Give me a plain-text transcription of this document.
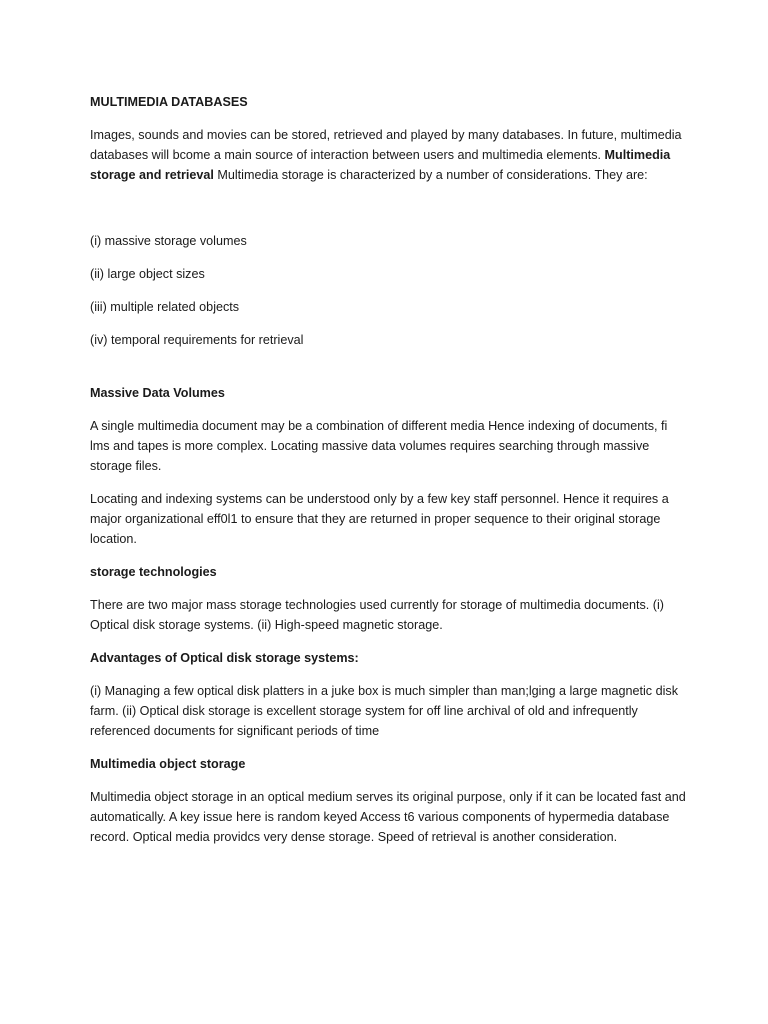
MULTIMEDIA DATABASES

Images, sounds and movies can be stored, retrieved and played by many databases. In future, multimedia databases will bcome a main source of interaction between users and multimedia elements. Multimedia storage and retrieval Multimedia storage is characterized by a number of considerations. They are:

(i) massive storage volumes

(ii) large object sizes

(iii) multiple related objects

(iv) temporal requirements for retrieval

Massive Data Volumes

A single multimedia document may be a combination of different media Hence indexing of documents, fi lms and tapes is more complex. Locating massive data volumes requires searching through massive storage files.

Locating and indexing systems can be understood only by a few key staff personnel. Hence it requires a major organizational eff0l1 to ensure that they are returned in proper sequence to their original storage location.

storage technologies

There are two major mass storage technologies used currently for storage of multimedia documents. (i) Optical disk storage systems. (ii) High-speed magnetic storage.

Advantages of Optical disk storage systems:

(i) Managing a few optical disk platters in a juke box is much simpler than man;lging a large magnetic disk farm. (ii) Optical disk storage is excellent storage system for off line archival of old and infrequently referenced documents for significant periods of time

Multimedia object storage

Multimedia object storage in an optical medium serves its original purpose, only if it can be located fast and automatically. A key issue here is random keyed Access t6 various components of hypermedia database record. Optical media providcs very dense storage. Speed of retrieval is another consideration.
